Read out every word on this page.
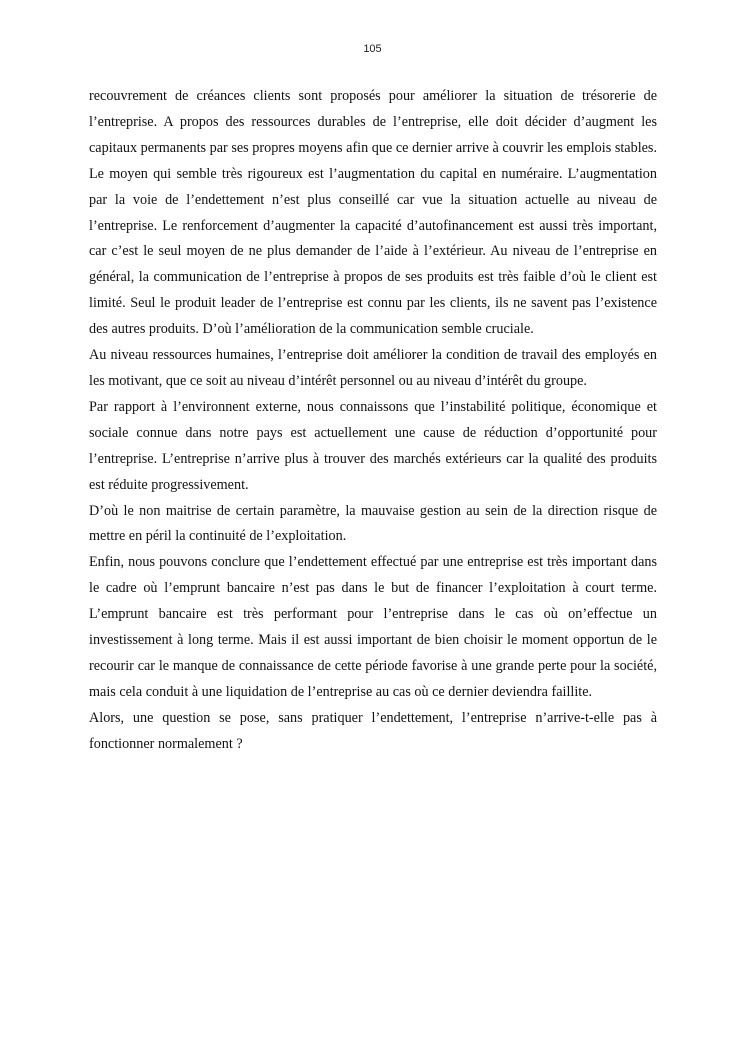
105

recouvrement de créances clients sont proposés pour améliorer la situation de trésorerie de l’entreprise. A propos des ressources durables de l’entreprise, elle doit décider d’augment les capitaux permanents par ses propres moyens afin que ce dernier arrive à couvrir les emplois stables. Le moyen qui semble très rigoureux est l’augmentation du capital en numéraire. L’augmentation par la voie de l’endettement n’est plus conseillé car vue la situation actuelle au niveau de l’entreprise. Le renforcement d’augmenter la capacité d’autofinancement est aussi très important, car c’est le seul moyen de ne plus demander de l’aide à l’extérieur. Au niveau de l’entreprise en général, la communication de l’entreprise à propos de ses produits est très faible d’où le client est limité. Seul le produit leader de l’entreprise est connu par les clients, ils ne savent pas l’existence des autres produits. D’où l’amélioration de la communication semble cruciale.

Au niveau ressources humaines, l’entreprise doit améliorer la condition de travail des employés en les motivant, que ce soit au niveau d’intérêt personnel ou au niveau d’intérêt du groupe.

Par rapport à l’environnent externe, nous connaissons que l’instabilité politique, économique et sociale connue dans notre pays est actuellement une cause de réduction d’opportunité pour l’entreprise. L’entreprise n’arrive plus à trouver des marchés extérieurs car la qualité des produits est réduite progressivement.

D’où le non maitrise de certain paramètre, la mauvaise gestion au sein de la direction risque de mettre en péril la continuité de l’exploitation.

Enfin, nous pouvons conclure que l’endettement effectué par une entreprise est très important dans le cadre où l’emprunt bancaire n’est pas dans le but de financer l’exploitation à court terme. L’emprunt bancaire est très performant pour l’entreprise dans le cas où on’effectue un investissement à long terme. Mais il est aussi important de bien choisir le moment opportun de le recourir car le manque de connaissance de cette période favorise à une grande perte pour la société, mais cela conduit à une liquidation de l’entreprise au cas où ce dernier deviendra faillite.

Alors, une question se pose, sans pratiquer l’endettement, l’entreprise n’arrive-t-elle pas à fonctionner normalement ?
